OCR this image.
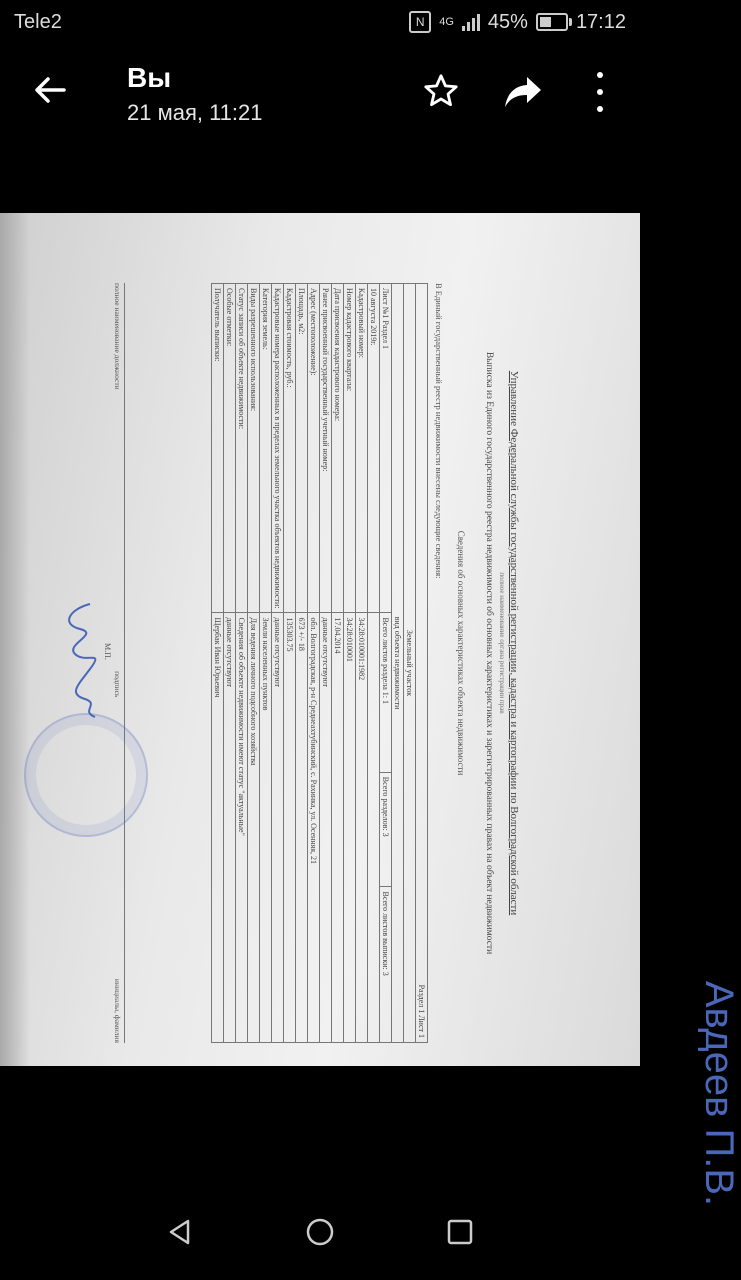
Tele2	N	4G 45% 17:12
Вы
21 мая, 11:21
Управление Федеральной службы государственной регистрации, кадастра и картографии по Волгоградской области
полное наименование органа регистрации прав
Выписка из Единого государственного реестра недвижимости об основных характеристиках и зарегистрированных правах на объект недвижимости
Сведения об основных характеристиках объекта недвижимости
В Единый государственный реестр недвижимости внесены следующие сведения:
Раздел 1 Лист 1			
Земельный участок			
вид объекта недвижимости			
Лист №1 Раздел 1	Всего листов раздела 1: 1	Всего разделов: 3	Всего листов выписки: 3
10 августа 2019г.			
Кадастровый номер:	34:28:010001:1982		
Номер кадастрового квартала:	34:28:010001		
Дата присвоения кадастрового номера:	17.04.2014		
Ранее присвоенный государственный учетный номер:	данные отсутствуют		
Адрес (местоположение):	обл. Волгоградская, р-н Среднеахтубинский, с. Рахинка, ул. Осенняя, 21		
Площадь, м2:	673 +/- 18		
Кадастровая стоимость, руб.:	135303.75		
Кадастровые номера расположенных в пределах земельного участка объектов недвижимости:	данные отсутствуют		
Категория земель:	Земли населенных пунктов		
Виды разрешенного использования:	Для ведения личного подсобного хозяйства		
Статус записи об объекте недвижимости:	Сведения об объекте недвижимости имеют статус "актуальные"		
Особые отметки:	данные отсутствуют		
Получатель выписки:	Щербак Иван Юрьевич		
полное наименование должности
подпись
инициалы, фамилия
М.П.
Авдеев П.В.
